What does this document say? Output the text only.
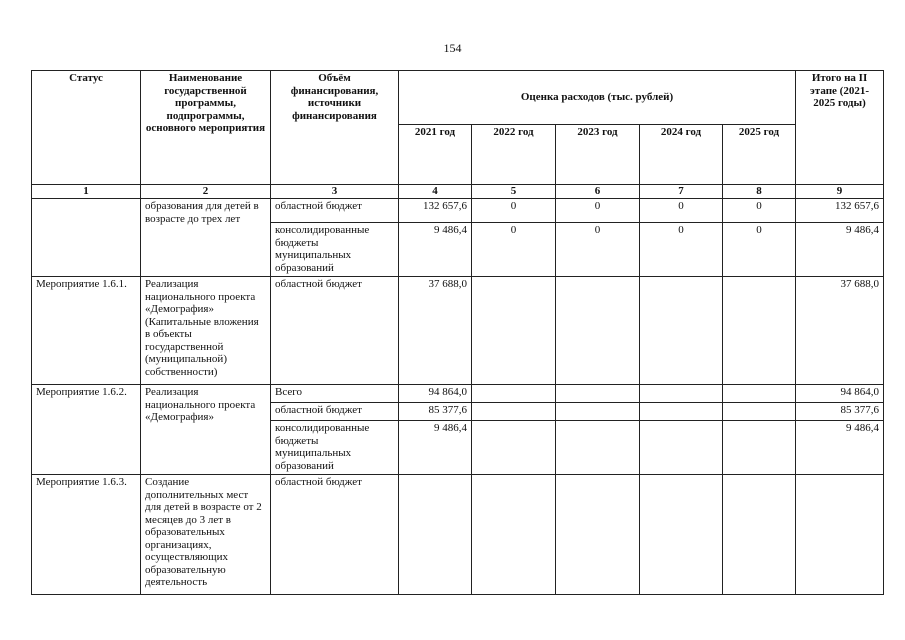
154
Статус	Наименование государственной программы, подпрограммы, основного мероприятия	Объём финансирования, источники финансирования	Оценка расходов (тыс. рублей)					Итого на II этапе (2021-2025 годы)
			2021 год	2022 год	2023 год	2024 год	2025 год	
1	2	3	4	5	6	7	8	9
	образования для детей в возрасте до трех лет	областной бюджет	132 657,6	0	0	0	0	132 657,6
		консолидированные бюджеты муниципальных образований	9 486,4	0	0	0	0	9 486,4
Мероприятие 1.6.1.	Реализация национального проекта «Демография» (Капитальные вложения в объекты государственной (муниципальной) собственности)	областной бюджет	37 688,0					37 688,0
Мероприятие 1.6.2.	Реализация национального проекта «Демография»	Всего	94 864,0					94 864,0
		областной бюджет	85 377,6					85 377,6
		консолидированные бюджеты муниципальных образований	9 486,4					9 486,4
Мероприятие 1.6.3.	Создание дополнительных мест для детей в возрасте от 2 месяцев до 3 лет в образовательных организациях, осуществляющих образовательную деятельность	областной бюджет						
